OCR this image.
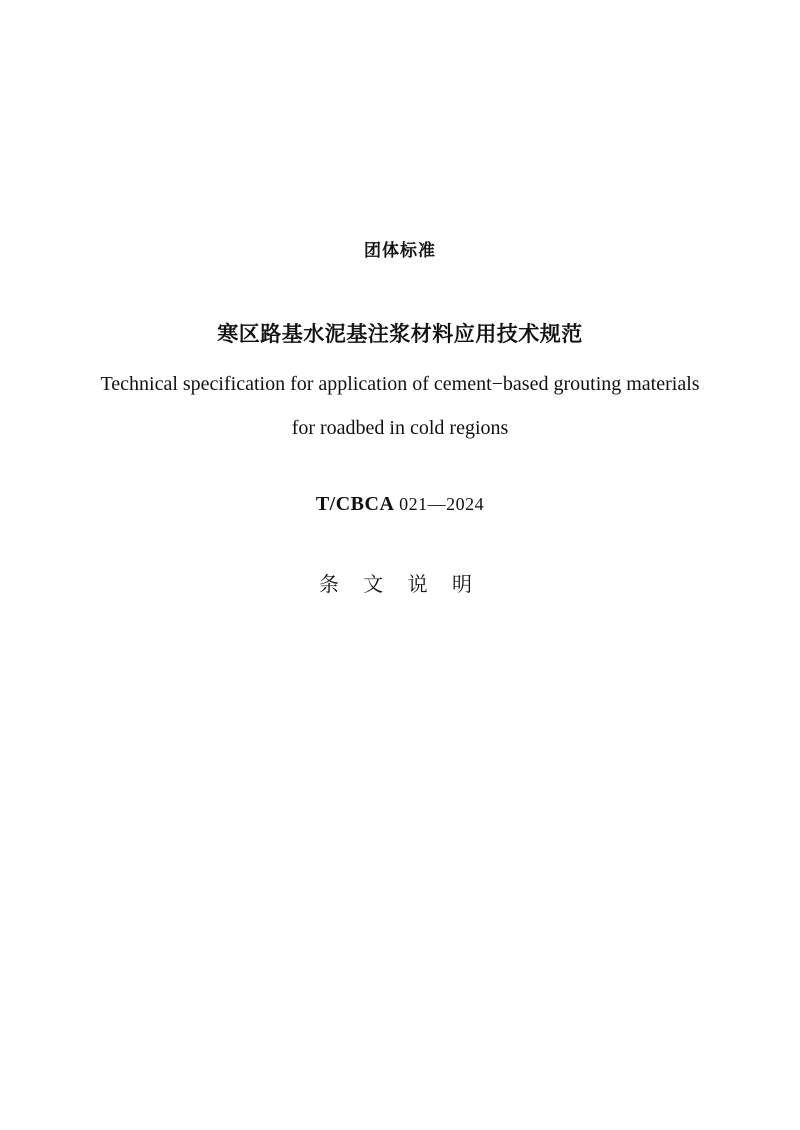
团体标准
寒区路基水泥基注浆材料应用技术规范
Technical specification for application of cement−based grouting materials
for roadbed in cold regions
T/CBCA 021—2024
条 文 说 明
